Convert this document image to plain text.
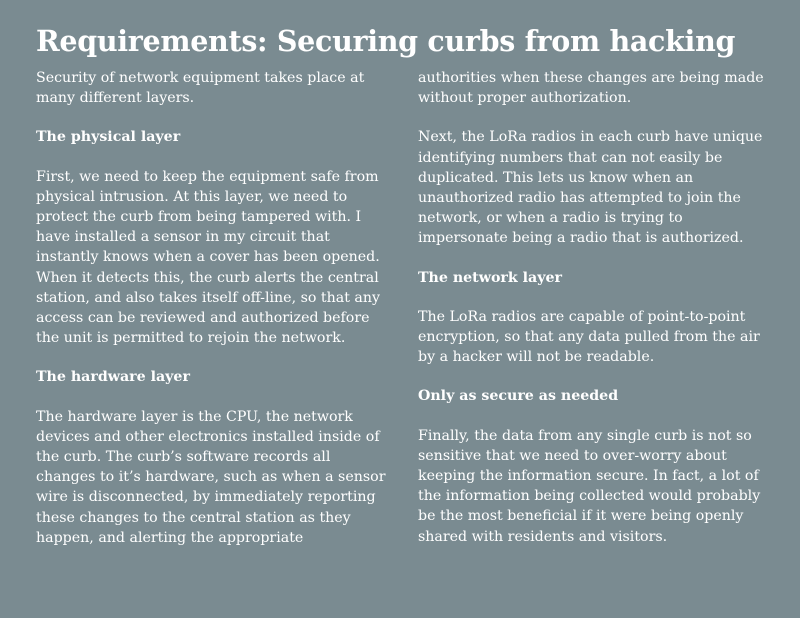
Requirements: Securing curbs from hacking

Security of network equipment takes place at many different layers.

The physical layer

First, we need to keep the equipment safe from physical intrusion. At this layer, we need to protect the curb from being tampered with. I have installed a sensor in my circuit that instantly knows when a cover has been opened. When it detects this, the curb alerts the central station, and also takes itself off-line, so that any access can be reviewed and authorized before the unit is permitted to rejoin the network.

The hardware layer

The hardware layer is the CPU, the network devices and other electronics installed inside of the curb. The curb’s software records all changes to it’s hardware, such as when a sensor wire is disconnected, by immediately reporting these changes to the central station as they happen, and alerting the appropriate

authorities when these changes are being made without proper authorization.

Next, the LoRa radios in each curb have unique identifying numbers that can not easily be duplicated. This lets us know when an unauthorized radio has attempted to join the network, or when a radio is trying to impersonate being a radio that is authorized.

The network layer

The LoRa radios are capable of point-to-point encryption, so that any data pulled from the air by a hacker will not be readable.

Only as secure as needed

Finally, the data from any single curb is not so sensitive that we need to over-worry about keeping the information secure. In fact, a lot of the information being collected would probably be the most beneficial if it were being openly shared with residents and visitors.
